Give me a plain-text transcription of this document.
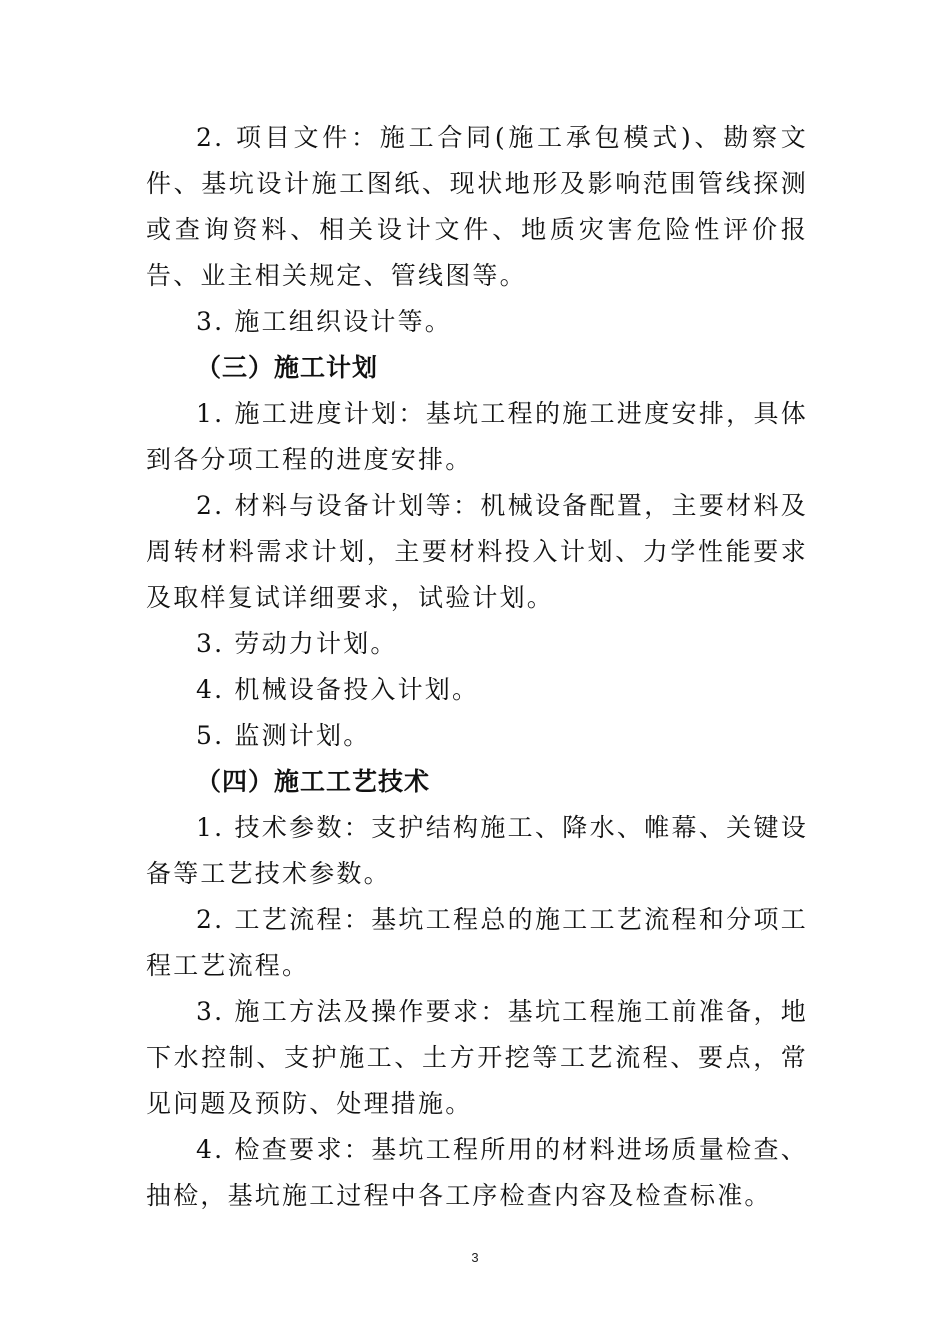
2. 项目文件：施工合同(施工承包模式)、勘察文件、基坑设计施工图纸、现状地形及影响范围管线探测或查询资料、相关设计文件、地质灾害危险性评价报告、业主相关规定、管线图等。

3. 施工组织设计等。

（三）施工计划

1. 施工进度计划：基坑工程的施工进度安排，具体到各分项工程的进度安排。

2. 材料与设备计划等：机械设备配置，主要材料及周转材料需求计划，主要材料投入计划、力学性能要求及取样复试详细要求，试验计划。

3. 劳动力计划。

4. 机械设备投入计划。

5. 监测计划。

（四）施工工艺技术

1. 技术参数：支护结构施工、降水、帷幕、关键设备等工艺技术参数。

2. 工艺流程：基坑工程总的施工工艺流程和分项工程工艺流程。

3. 施工方法及操作要求：基坑工程施工前准备，地下水控制、支护施工、土方开挖等工艺流程、要点，常见问题及预防、处理措施。

4. 检查要求：基坑工程所用的材料进场质量检查、抽检，基坑施工过程中各工序检查内容及检查标准。

3
